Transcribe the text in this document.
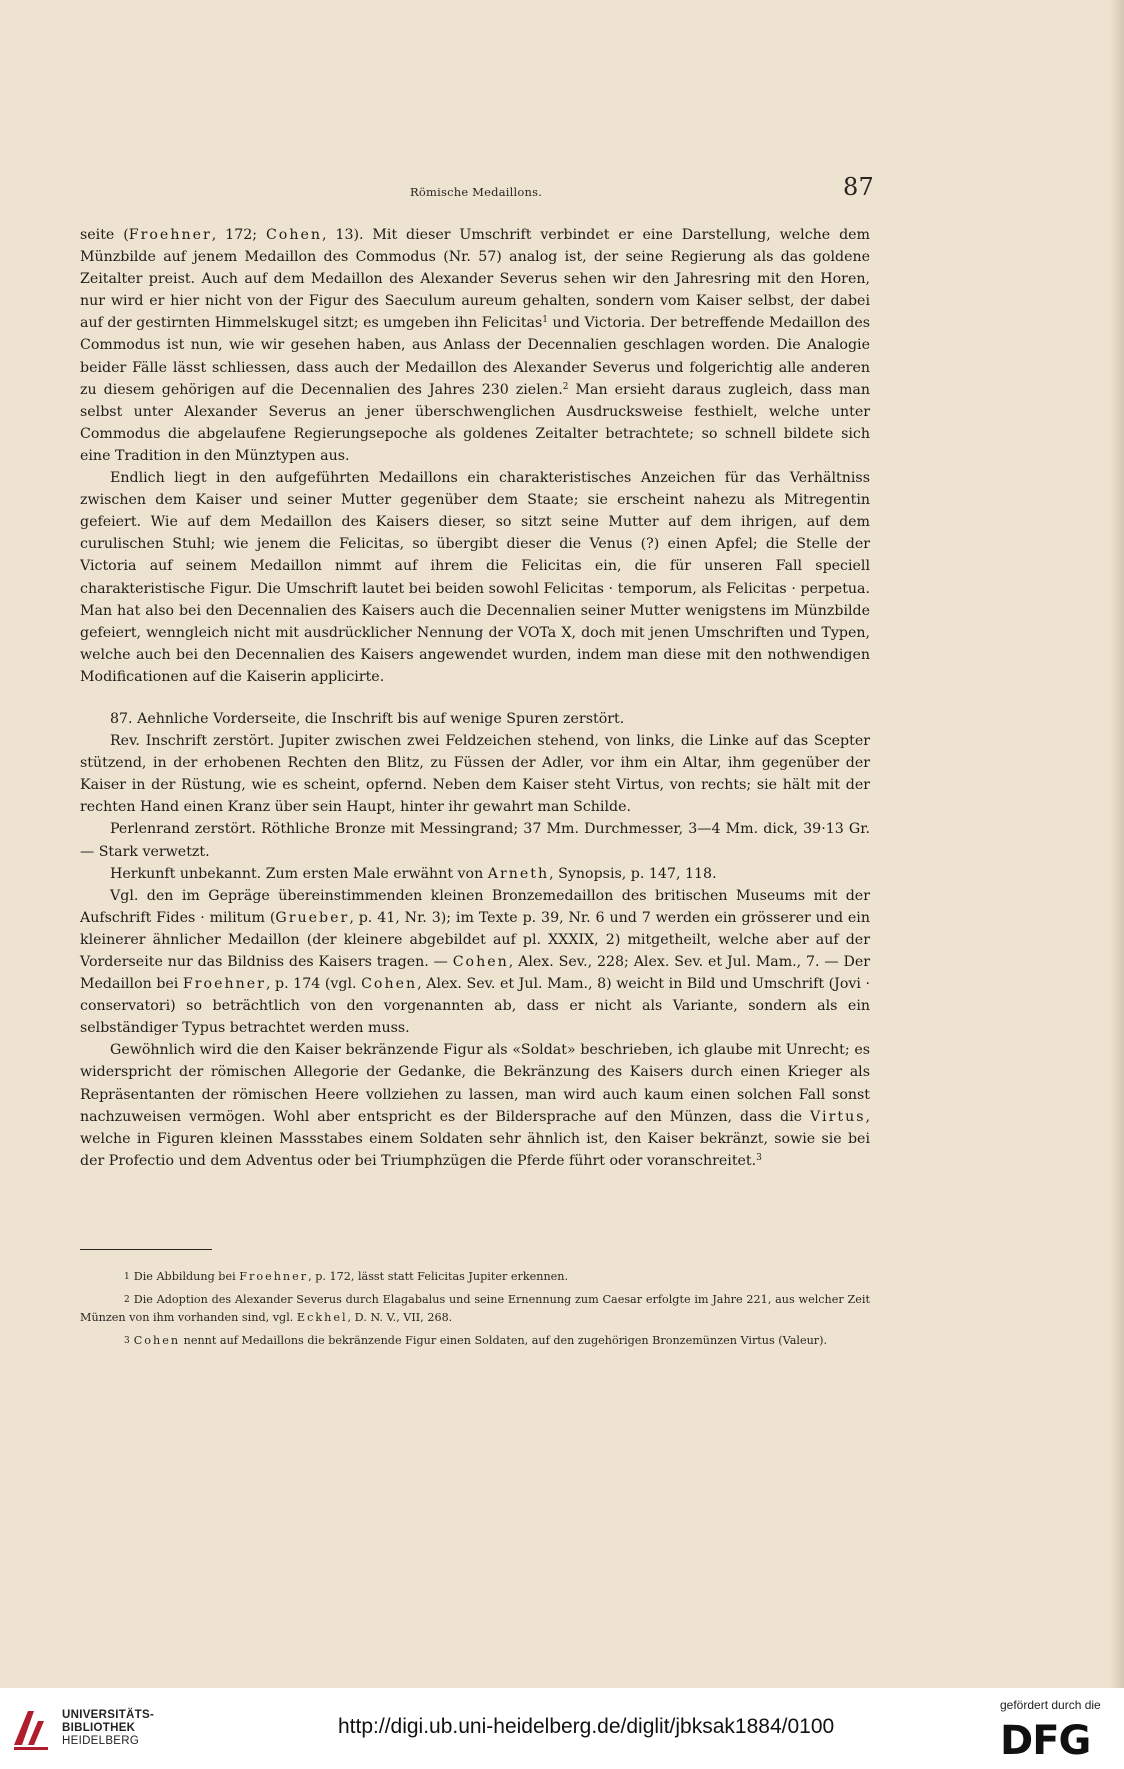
Römische Medaillons.	87

seite (Froehner, 172; Cohen, 13). Mit dieser Umschrift verbindet er eine Darstellung, welche dem Münzbilde auf jenem Medaillon des Commodus (Nr. 57) analog ist, der seine Regierung als das goldene Zeitalter preist. Auch auf dem Medaillon des Alexander Severus sehen wir den Jahresring mit den Horen, nur wird er hier nicht von der Figur des Saeculum aureum gehalten, sondern vom Kaiser selbst, der dabei auf der gestirnten Himmelskugel sitzt; es umgeben ihn Felicitas$^1$ und Victoria. Der betreffende Medaillon des Commodus ist nun, wie wir gesehen haben, aus Anlass der Decennalien geschlagen worden. Die Analogie beider Fälle lässt schliessen, dass auch der Medaillon des Alexander Severus und folgerichtig alle anderen zu diesem gehörigen auf die Decennalien des Jahres 230 zielen.$^2$ Man ersieht daraus zugleich, dass man selbst unter Alexander Severus an jener überschwenglichen Ausdrucksweise festhielt, welche unter Commodus die abgelaufene Regierungsepoche als goldenes Zeitalter betrachtete; so schnell bildete sich eine Tradition in den Münztypen aus.

Endlich liegt in den aufgeführten Medaillons ein charakteristisches Anzeichen für das Verhältniss zwischen dem Kaiser und seiner Mutter gegenüber dem Staate; sie erscheint nahezu als Mitregentin gefeiert. Wie auf dem Medaillon des Kaisers dieser, so sitzt seine Mutter auf dem ihrigen, auf dem curulischen Stuhl; wie jenem die Felicitas, so übergibt dieser die Venus (?) einen Apfel; die Stelle der Victoria auf seinem Medaillon nimmt auf ihrem die Felicitas ein, die für unseren Fall speciell charakteristische Figur. Die Umschrift lautet bei beiden sowohl Felicitas · temporum, als Felicitas · perpetua. Man hat also bei den Decennalien des Kaisers auch die Decennalien seiner Mutter wenigstens im Münzbilde gefeiert, wenngleich nicht mit ausdrücklicher Nennung der VOTa X, doch mit jenen Umschriften und Typen, welche auch bei den Decennalien des Kaisers angewendet wurden, indem man diese mit den nothwendigen Modificationen auf die Kaiserin applicirte.

87. Aehnliche Vorderseite, die Inschrift bis auf wenige Spuren zerstört.

Rev. Inschrift zerstört. Jupiter zwischen zwei Feldzeichen stehend, von links, die Linke auf das Scepter stützend, in der erhobenen Rechten den Blitz, zu Füssen der Adler, vor ihm ein Altar, ihm gegenüber der Kaiser in der Rüstung, wie es scheint, opfernd. Neben dem Kaiser steht Virtus, von rechts; sie hält mit der rechten Hand einen Kranz über sein Haupt, hinter ihr gewahrt man Schilde.

Perlenrand zerstört. Röthliche Bronze mit Messingrand; 37 Mm. Durchmesser, 3—4 Mm. dick, 39·13 Gr. — Stark verwetzt.

Herkunft unbekannt. Zum ersten Male erwähnt von Arneth, Synopsis, p. 147, 118.

Vgl. den im Gepräge übereinstimmenden kleinen Bronzemedaillon des britischen Museums mit der Aufschrift Fides · militum (Grueber, p. 41, Nr. 3); im Texte p. 39, Nr. 6 und 7 werden ein grösserer und ein kleinerer ähnlicher Medaillon (der kleinere abgebildet auf pl. XXXIX, 2) mitgetheilt, welche aber auf der Vorderseite nur das Bildniss des Kaisers tragen. — Cohen, Alex. Sev., 228; Alex. Sev. et Jul. Mam., 7. — Der Medaillon bei Froehner, p. 174 (vgl. Cohen, Alex. Sev. et Jul. Mam., 8) weicht in Bild und Umschrift (Jovi · conservatori) so beträchtlich von den vorgenannten ab, dass er nicht als Variante, sondern als ein selbständiger Typus betrachtet werden muss.

Gewöhnlich wird die den Kaiser bekränzende Figur als «Soldat» beschrieben, ich glaube mit Unrecht; es widerspricht der römischen Allegorie der Gedanke, die Bekränzung des Kaisers durch einen Krieger als Repräsentanten der römischen Heere vollziehen zu lassen, man wird auch kaum einen solchen Fall sonst nachzuweisen vermögen. Wohl aber entspricht es der Bildersprache auf den Münzen, dass die Virtus, welche in Figuren kleinen Massstabes einem Soldaten sehr ähnlich ist, den Kaiser bekränzt, sowie sie bei der Profectio und dem Adventus oder bei Triumphzügen die Pferde führt oder voranschreitet.$^3$

1 Die Abbildung bei Froehner, p. 172, lässt statt Felicitas Jupiter erkennen.

2 Die Adoption des Alexander Severus durch Elagabalus und seine Ernennung zum Caesar erfolgte im Jahre 221, aus welcher Zeit Münzen von ihm vorhanden sind, vgl. Eckhel, D. N. V., VII, 268.

3 Cohen nennt auf Medaillons die bekränzende Figur einen Soldaten, auf den zugehörigen Bronzemünzen Virtus (Valeur).

UNIVERSITÄTS-
BIBLIOTHEK
HEIDELBERG
http://digi.ub.uni-heidelberg.de/diglit/jbksak1884/0100
gefördert durch die
DFG
